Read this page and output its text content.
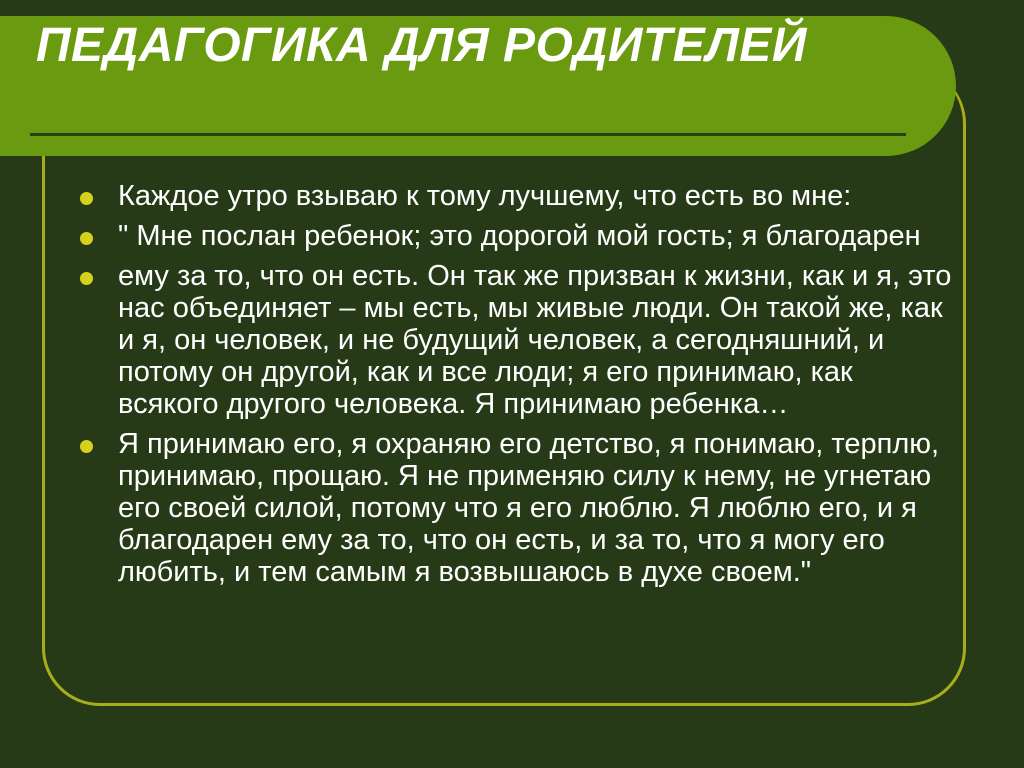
ПЕДАГОГИКА ДЛЯ РОДИТЕЛЕЙ
Каждое утро взываю к тому лучшему, что есть во мне:
" Мне послан ребенок; это дорогой мой гость; я благодарен
ему за то, что он есть. Он так же призван к жизни, как и я, это нас объединяет – мы есть, мы живые люди. Он такой же, как и я, он человек, и не будущий человек, а сегодняшний, и потому он другой, как и все люди; я его принимаю, как всякого другого человека. Я принимаю ребенка…
Я принимаю его, я охраняю его детство, я понимаю, терплю, принимаю, прощаю. Я не применяю силу к нему, не угнетаю его своей силой, потому что я его люблю. Я люблю его, и я благодарен ему за то, что он есть, и за то, что я могу его любить, и тем самым я возвышаюсь в духе своем."
